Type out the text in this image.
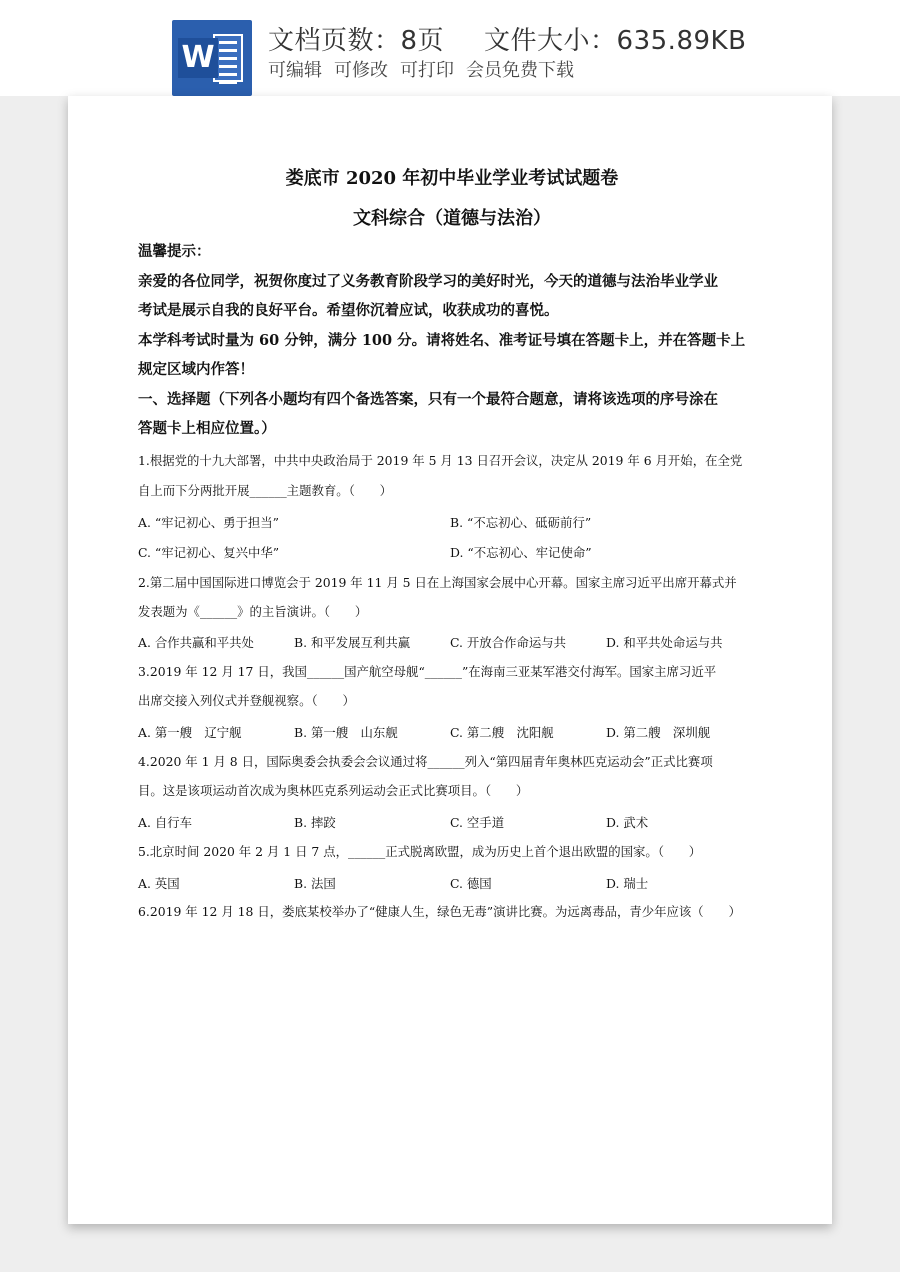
W 文档页数：8页 文件大小：635.89KB
可编辑 可修改 可打印 会员免费下载
娄底市 2020 年初中毕业学业考试试题卷
文科综合（道德与法治）
温馨提示：
亲爱的各位同学，祝贺你度过了义务教育阶段学习的美好时光，今天的道德与法治毕业学业
考试是展示自我的良好平台。希望你沉着应试，收获成功的喜悦。
本学科考试时量为 60 分钟，满分 100 分。请将姓名、准考证号填在答题卡上，并在答题卡上
规定区域内作答！
一、选择题（下列各小题均有四个备选答案，只有一个最符合题意，请将该选项的序号涂在
答题卡上相应位置。）
1.根据党的十九大部署，中共中央政治局于 2019 年 5 月 13 日召开会议，决定从 2019 年 6 月开始，在全党
自上而下分两批开展______主题教育。（　　）
A. “牢记初心、勇于担当”	B. “不忘初心、砥砺前行”
C. “牢记初心、复兴中华”	D. “不忘初心、牢记使命”
2.第二届中国国际进口博览会于 2019 年 11 月 5 日在上海国家会展中心开幕。国家主席习近平出席开幕式并
发表题为《______》的主旨演讲。（　　）
A. 合作共赢和平共处	B. 和平发展互利共赢	C. 开放合作命运与共	D. 和平共处命运与共
3.2019 年 12 月 17 日，我国______国产航空母舰“______”在海南三亚某军港交付海军。国家主席习近平
出席交接入列仪式并登舰视察。（　　）
A. 第一艘　辽宁舰	B. 第一艘　山东舰	C. 第二艘　沈阳舰	D. 第二艘　深圳舰
4.2020 年 1 月 8 日，国际奥委会执委会会议通过将______列入“第四届青年奥林匹克运动会”正式比赛项
目。这是该项运动首次成为奥林匹克系列运动会正式比赛项目。（　　）
A. 自行车	B. 摔跤	C. 空手道	D. 武术
5.北京时间 2020 年 2 月 1 日 7 点，______正式脱离欧盟，成为历史上首个退出欧盟的国家。（　　）
A. 英国	B. 法国	C. 德国	D. 瑞士
6.2019 年 12 月 18 日，娄底某校举办了“健康人生，绿色无毒”演讲比赛。为远离毒品，青少年应该（　　）
